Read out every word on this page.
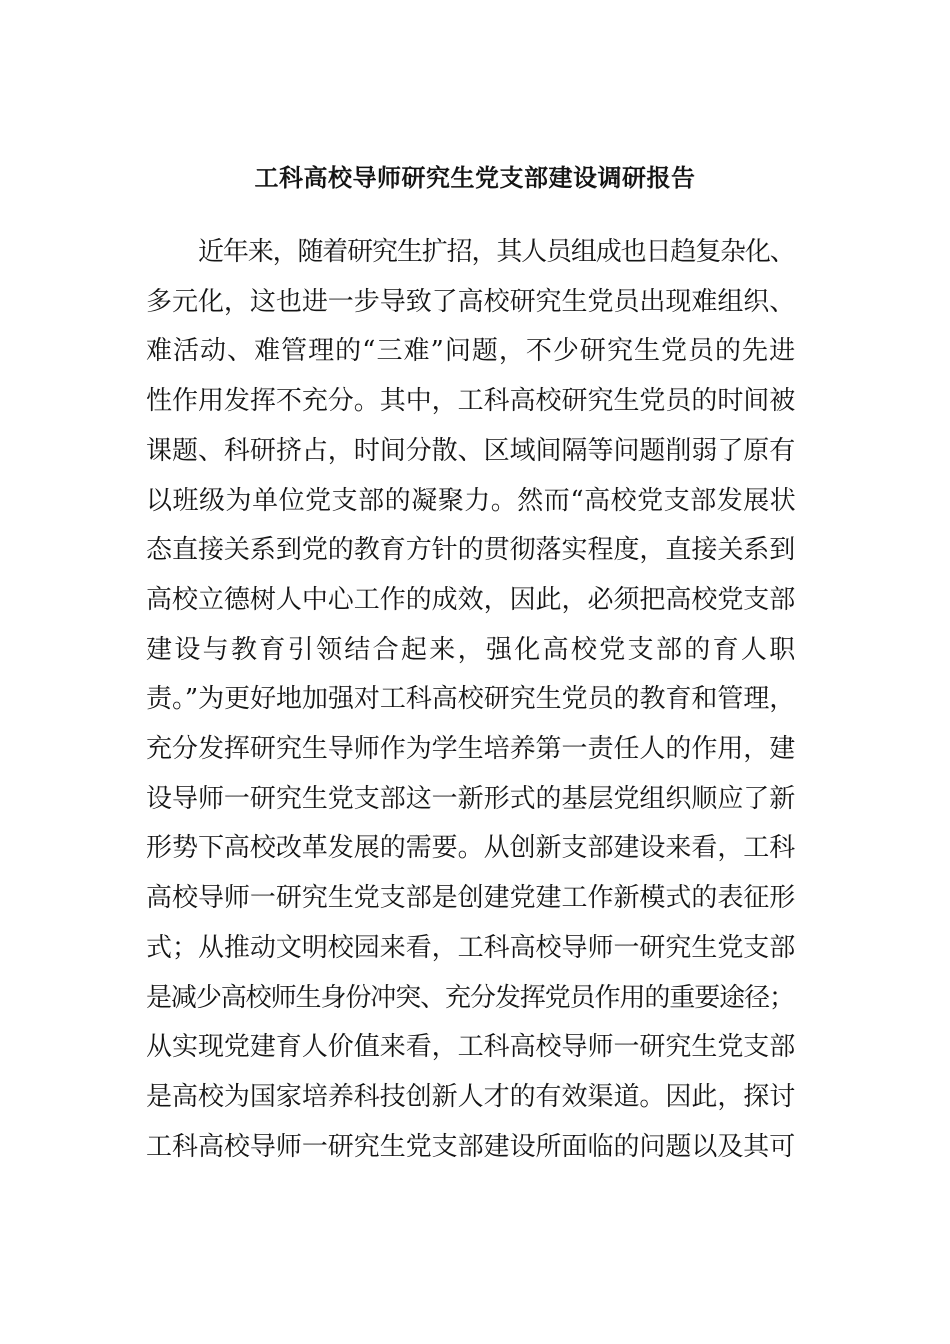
工科高校导师研究生党支部建设调研报告
近年来，随着研究生扩招，其人员组成也日趋复杂化、
多元化，这也进一步导致了高校研究生党员出现难组织、
难活动、难管理的“三难”问题，不少研究生党员的先进
性作用发挥不充分。其中，工科高校研究生党员的时间被
课题、科研挤占，时间分散、区域间隔等问题削弱了原有
以班级为单位党支部的凝聚力。然而“高校党支部发展状
态直接关系到党的教育方针的贯彻落实程度，直接关系到
高校立德树人中心工作的成效，因此，必须把高校党支部
建设与教育引领结合起来，强化高校党支部的育人职
责。”为更好地加强对工科高校研究生党员的教育和管理，
充分发挥研究生导师作为学生培养第一责任人的作用，建
设导师一研究生党支部这一新形式的基层党组织顺应了新
形势下高校改革发展的需要。从创新支部建设来看，工科
高校导师一研究生党支部是创建党建工作新模式的表征形
式；从推动文明校园来看，工科高校导师一研究生党支部
是减少高校师生身份冲突、充分发挥党员作用的重要途径；
从实现党建育人价值来看，工科高校导师一研究生党支部
是高校为国家培养科技创新人才的有效渠道。因此，探讨
工科高校导师一研究生党支部建设所面临的问题以及其可
